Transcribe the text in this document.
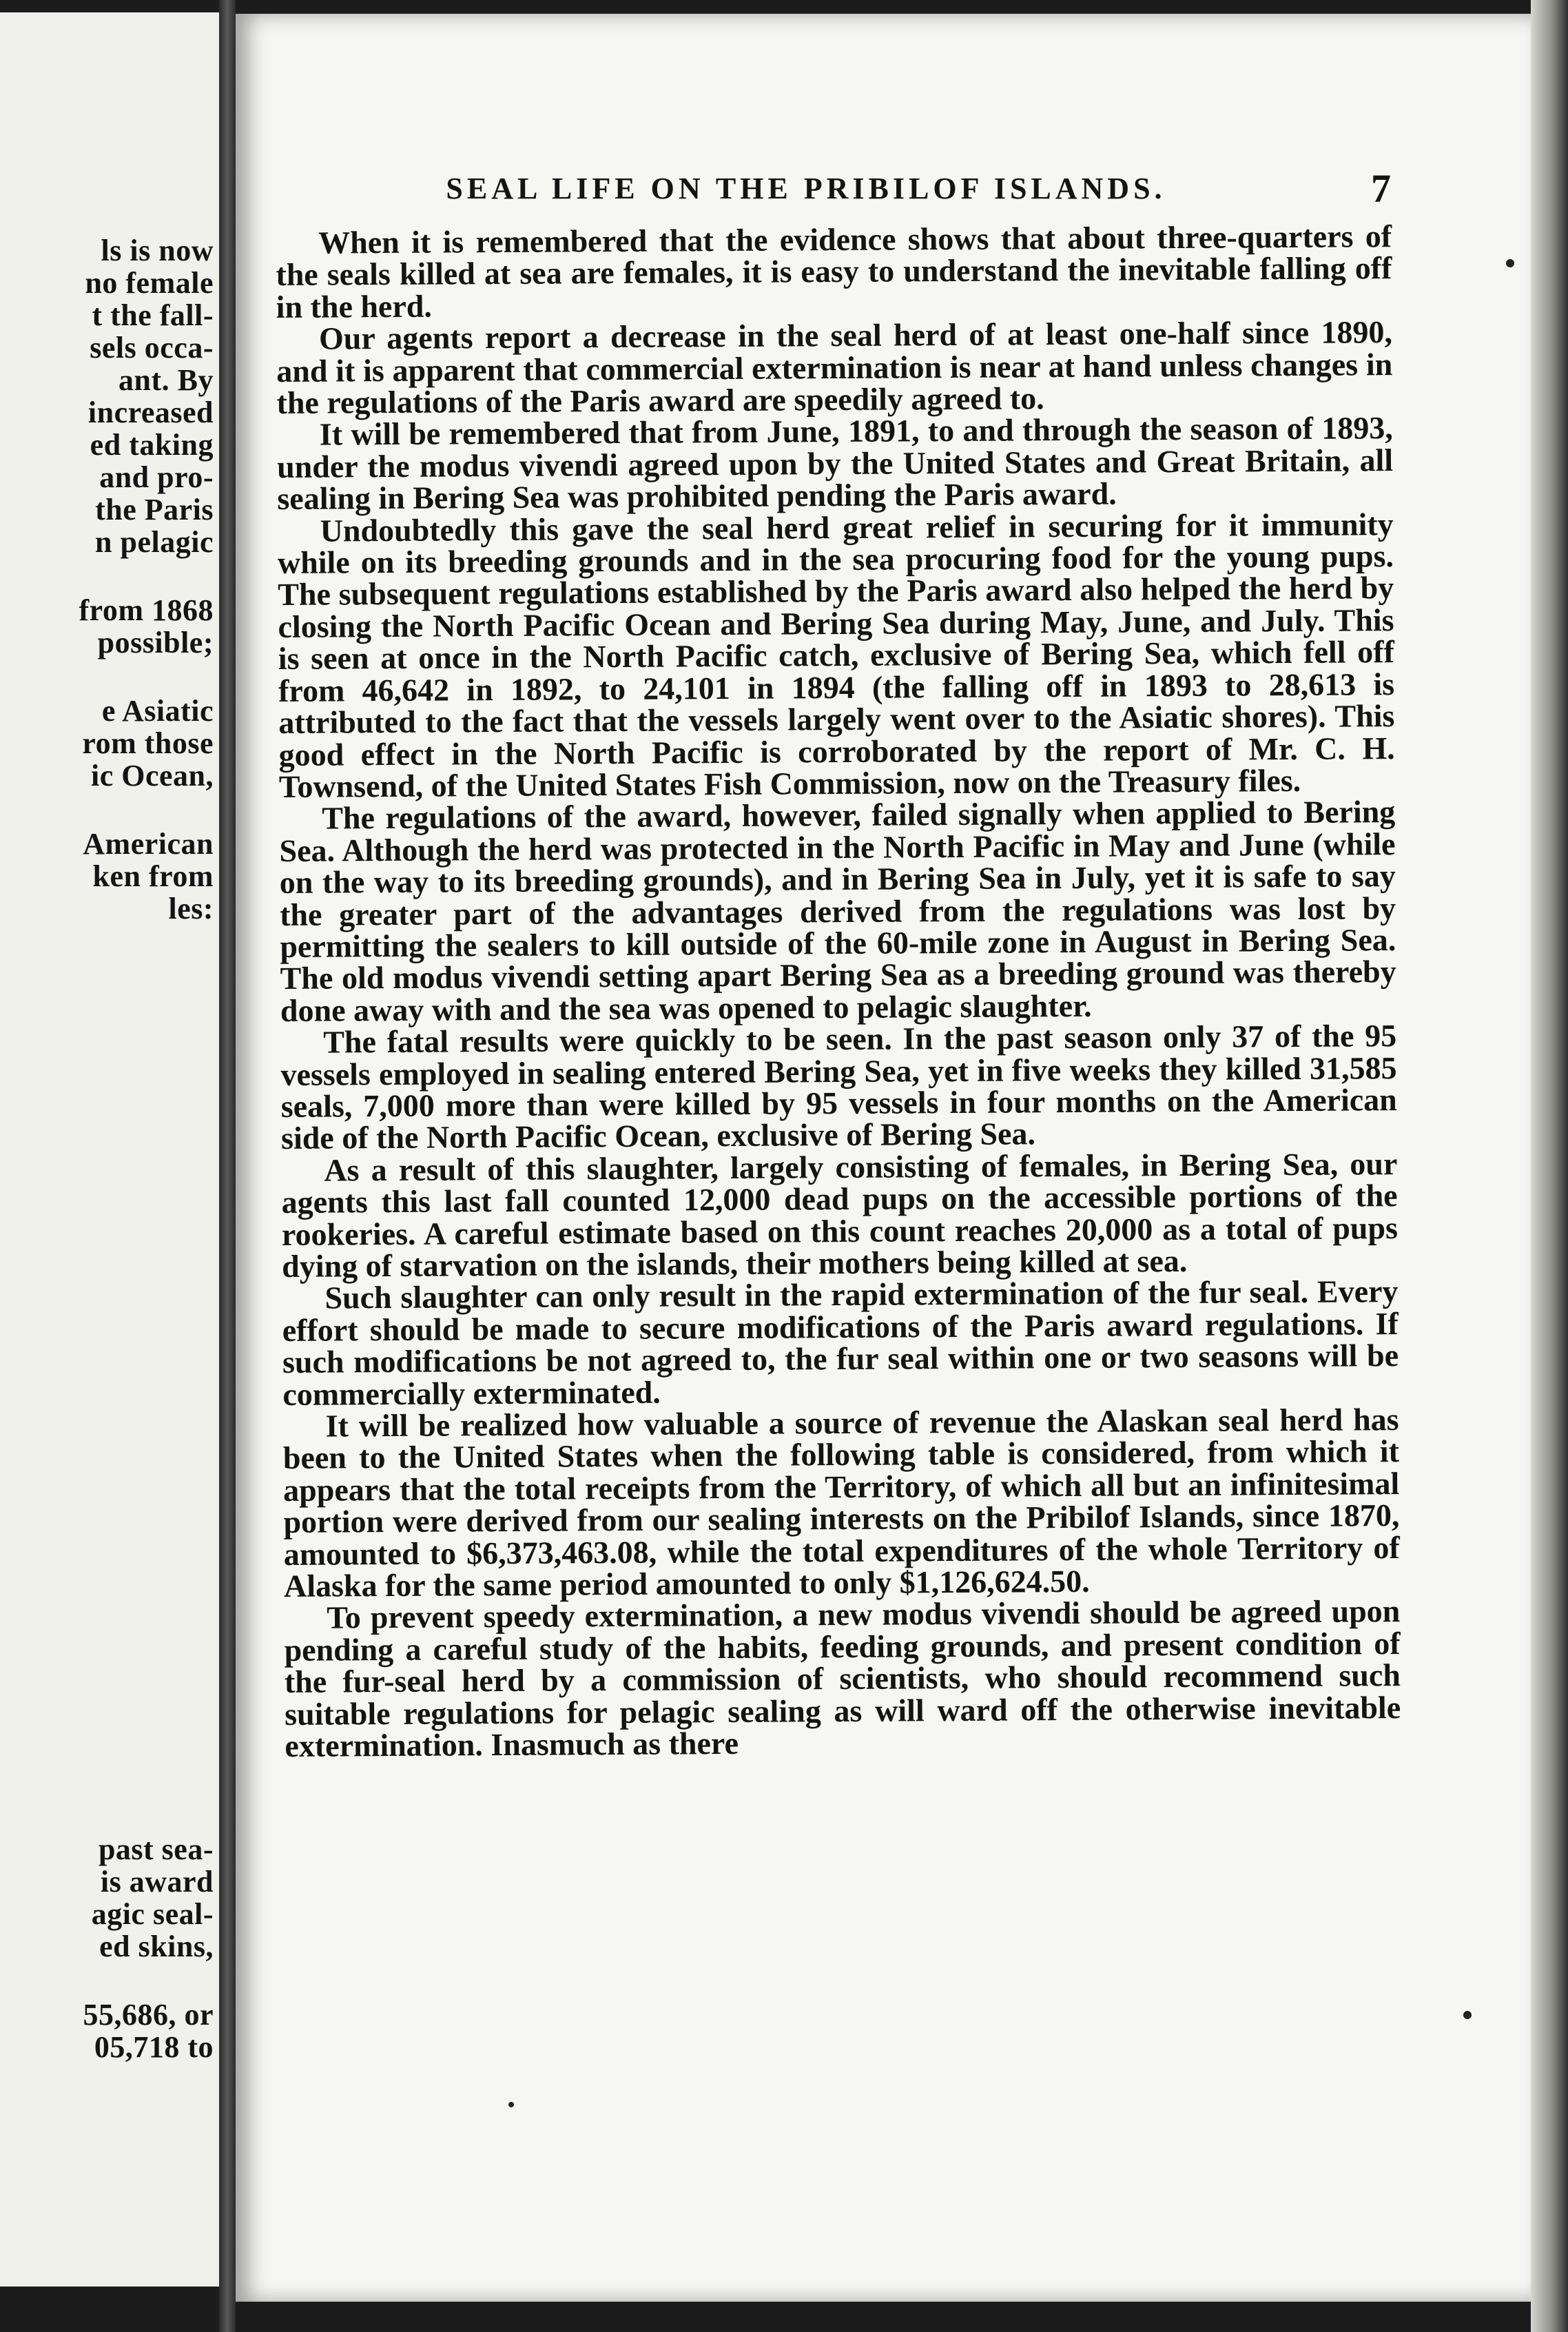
ls is now
no female
t the fall-
sels occa-
ant. By
increased
ed taking
and pro-
the Paris
n pelagic
from 1868
possible;
e Asiatic
rom those
ic Ocean,
American
ken from
les:
past sea-
is award
agic seal-
ed skins,
55,686, or
05,718 to
SEAL LIFE ON THE PRIBILOF ISLANDS.	7

When it is remembered that the evidence shows that about three-quarters of the seals killed at sea are females, it is easy to understand the inevitable falling off in the herd.

Our agents report a decrease in the seal herd of at least one-half since 1890, and it is apparent that commercial extermination is near at hand unless changes in the regulations of the Paris award are speedily agreed to.

It will be remembered that from June, 1891, to and through the season of 1893, under the modus vivendi agreed upon by the United States and Great Britain, all sealing in Bering Sea was prohibited pending the Paris award.

Undoubtedly this gave the seal herd great relief in securing for it immunity while on its breeding grounds and in the sea procuring food for the young pups. The subsequent regulations established by the Paris award also helped the herd by closing the North Pacific Ocean and Bering Sea during May, June, and July. This is seen at once in the North Pacific catch, exclusive of Bering Sea, which fell off from 46,642 in 1892, to 24,101 in 1894 (the falling off in 1893 to 28,613 is attributed to the fact that the vessels largely went over to the Asiatic shores). This good effect in the North Pacific is corroborated by the report of Mr. C. H. Townsend, of the United States Fish Commission, now on the Treasury files.

The regulations of the award, however, failed signally when applied to Bering Sea. Although the herd was protected in the North Pacific in May and June (while on the way to its breeding grounds), and in Bering Sea in July, yet it is safe to say the greater part of the advantages derived from the regulations was lost by permitting the sealers to kill outside of the 60-mile zone in August in Bering Sea. The old modus vivendi setting apart Bering Sea as a breeding ground was thereby done away with and the sea was opened to pelagic slaughter.

The fatal results were quickly to be seen. In the past season only 37 of the 95 vessels employed in sealing entered Bering Sea, yet in five weeks they killed 31,585 seals, 7,000 more than were killed by 95 vessels in four months on the American side of the North Pacific Ocean, exclusive of Bering Sea.

As a result of this slaughter, largely consisting of females, in Bering Sea, our agents this last fall counted 12,000 dead pups on the accessible portions of the rookeries. A careful estimate based on this count reaches 20,000 as a total of pups dying of starvation on the islands, their mothers being killed at sea.

Such slaughter can only result in the rapid extermination of the fur seal. Every effort should be made to secure modifications of the Paris award regulations. If such modifications be not agreed to, the fur seal within one or two seasons will be commercially exterminated.

It will be realized how valuable a source of revenue the Alaskan seal herd has been to the United States when the following table is considered, from which it appears that the total receipts from the Territory, of which all but an infinitesimal portion were derived from our sealing interests on the Pribilof Islands, since 1870, amounted to $6,373,463.08, while the total expenditures of the whole Territory of Alaska for the same period amounted to only $1,126,624.50.

To prevent speedy extermination, a new modus vivendi should be agreed upon pending a careful study of the habits, feeding grounds, and present condition of the fur-seal herd by a commission of scientists, who should recommend such suitable regulations for pelagic sealing as will ward off the otherwise inevitable extermination. Inasmuch as there
